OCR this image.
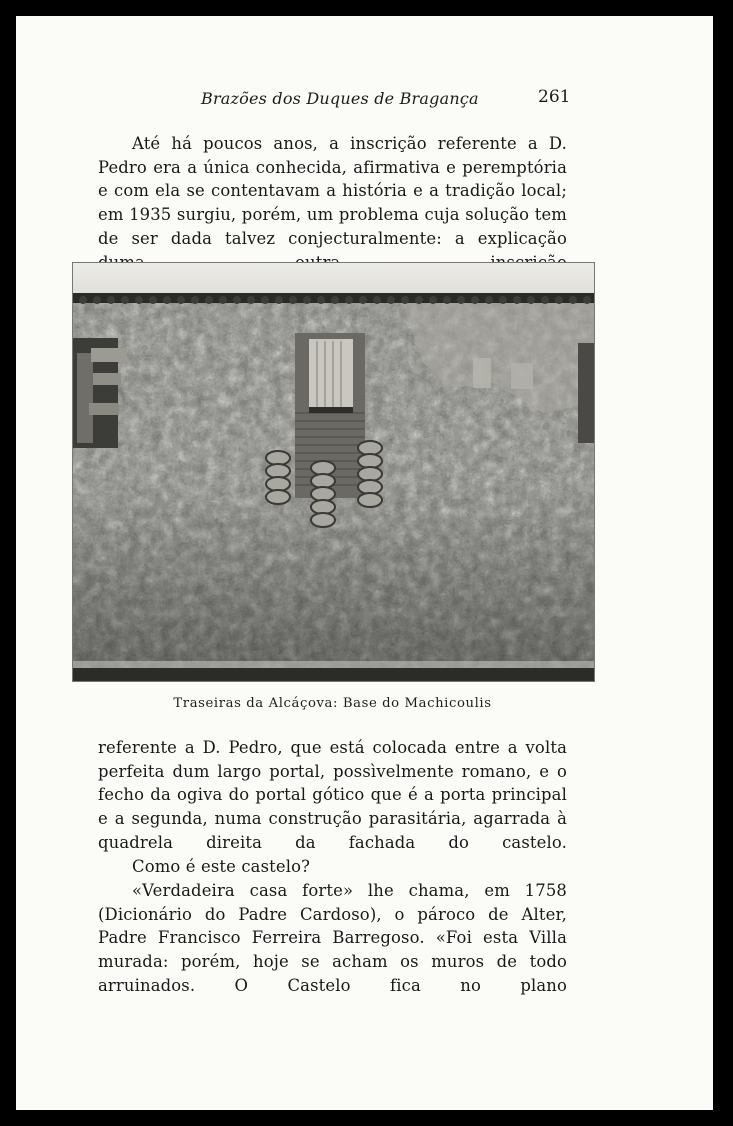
Brazões dos Duques de Bragança	261

Até há poucos anos, a inscrição referente a D. Pedro era a única conhecida, afirmativa e peremptória e com ela se contentavam a história e a tradição local; em 1935 surgiu, porém, um problema cuja solução tem de ser dada talvez conjecturalmente: a explicação

Traseiras da Alcáçova: Base do Machicoulis

referente a D. Pedro, que está colocada entre a volta perfeita dum largo portal, possìvelmente romano, e o fecho da ogiva do portal gótico que é a porta principal e a segunda, numa construção parasitária, agarrada à quadrela direita da fachada do castelo.

Como é este castelo?

«Verdadeira casa forte» lhe chama, em 1758 (Dicionário do Padre Cardoso), o pároco de Alter, Padre Francisco Ferreira Barregoso. «Foi esta Villa murada: porém, hoje se acham os muros de todo arruinados. O Castelo fica no plano
